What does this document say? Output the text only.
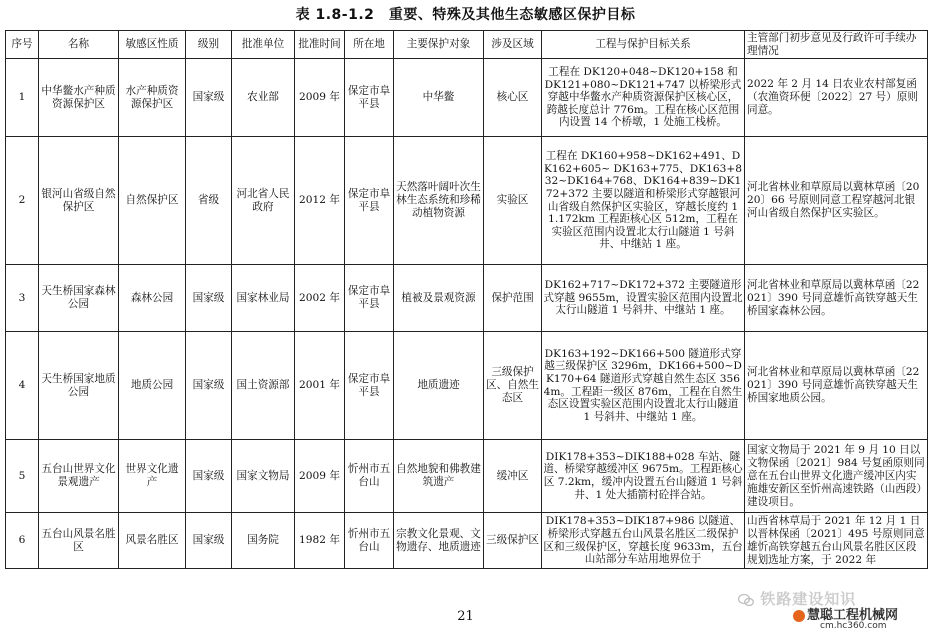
表 1.8-1.2　重要、特殊及其他生态敏感区保护目标
序号	名称	敏感区性质	级别	批准单位	批准时间	所在地	主要保护对象	涉及区域	工程与保护目标关系	主管部门初步意见及行政许可手续办理情况
1	中华鳖水产种质资源保护区	水产种质资源保护区	国家级	农业部	2009 年	保定市阜平县	中华鳖	核心区	工程在 DK120+048~DK120+158 和 DK121+080~DK121+747 以桥梁形式穿越中华鳖水产种质资源保护区核心区，跨越长度总计 776m。工程在核心区范围内设置 14 个桥墩，1 处施工栈桥。	2022 年 2 月 14 日农业农村部复函（农渔资环便〔2022〕27 号）原则同意。
2	银河山省级自然保护区	自然保护区	省级	河北省人民政府	2012 年	保定市阜平县	天然落叶阔叶次生林生态系统和珍稀动植物资源	实验区	工程在 DK160+958~DK162+491、DK162+605~ DK163+775、DK163+832~DK164+768、DK164+839~DK172+372 主要以隧道和桥梁形式穿越银河山省级自然保护区实验区，穿越长度约 11.172km 工程距核心区 512m，工程在实验区范围内设置北太行山隧道 1 号斜井、中继站 1 座。	河北省林业和草原局以冀林草函〔2020〕66 号原则同意工程穿越河北银河山省级自然保护区实验区。
3	天生桥国家森林公园	森林公园	国家级	国家林业局	2002 年	保定市阜平县	植被及景观资源	保护范围	DK162+717~DK172+372 主要隧道形式穿越 9655m，设置实验区范围内设置北太行山隧道 1 号斜井、中继站 1 座。	河北省林业和草原局以冀林草函〔22021〕390 号同意雄忻高铁穿越天生桥国家森林公园。
4	天生桥国家地质公园	地质公园	国家级	国土资源部	2001 年	保定市阜平县	地质遗迹	三级保护区、自然生态区	DK163+192~DK166+500 隧道形式穿越三级保护区 3296m，DK166+500~DK170+64 隧道形式穿越自然生态区 3564m。工程距一级区 876m，工程在自然生态区设置实验区范围内设置北太行山隧道 1 号斜井、中继站 1 座。	河北省林业和草原局以冀林草函〔22021〕390 号同意雄忻高铁穿越天生桥国家地质公园。
5	五台山世界文化景观遗产	世界文化遗产	国家级	国家文物局	2009 年	忻州市五台山	自然地貌和佛教建筑遗产	缓冲区	DIK178+353~DIK188+028 车站、隧道、桥梁穿越缓冲区 9675m。工程距核心区 7.2km，缓冲内设置五台山隧道 1 号斜井、1 处大插箭村砼拌合站。	国家文物局于 2021 年 9 月 10 日以文物保函〔2021〕984 号复函原则同意在五台山世界文化遗产缓冲区内实施雄安新区至忻州高速铁路（山西段）建设项目。
6	五台山风景名胜区	风景名胜区	国家级	国务院	1982 年	忻州市五台山	宗教文化景观、文物遗存、地质遗迹	三级保护区	DIK178+353~DIK187+986 以隧道、桥梁形式穿越五台山风景名胜区二级保护区和三级保护区，穿越长度 9633m，五台山站部分车站用地界位于	山西省林草局于 2021 年 12 月 1 日以晋林保函〔2021〕495 号原则同意雄忻高铁穿越五台山风景名胜区区段规划选址方案，于 2022 年
铁路建设知识
慧聪工程机械网
cm.hc360.com
21
